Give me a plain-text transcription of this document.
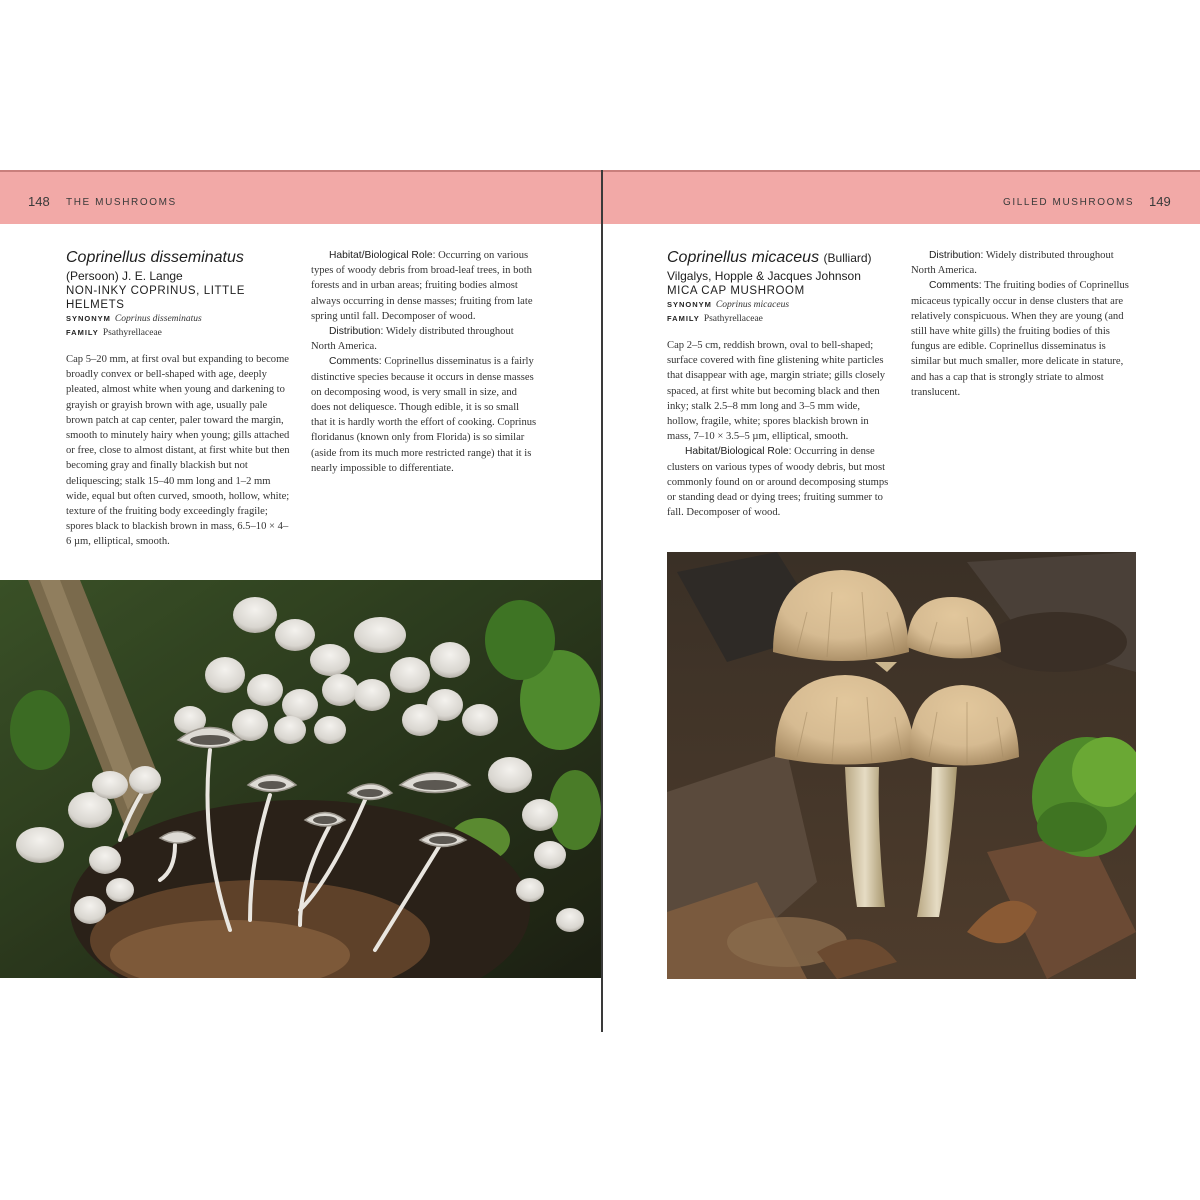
148 THE MUSHROOMS

Coprinellus disseminatus

(Persoon) J. E. Lange

NON-INKY COPRINUS, LITTLE HELMETS

SYNONYM Coprinus disseminatus

FAMILY Psathyrellaceae

Cap 5–20 mm, at first oval but expanding to become broadly convex or bell-shaped with age, deeply pleated, almost white when young and darkening to grayish or grayish brown with age, usually pale brown patch at cap center, paler toward the margin, smooth to minutely hairy when young; gills attached or free, close to almost distant, at first white but then becoming gray and finally blackish but not deliquescing; stalk 15–40 mm long and 1–2 mm wide, equal but often curved, smooth, hollow, white; texture of the fruiting body exceedingly fragile; spores black to blackish brown in mass, 6.5–10 × 4–6 µm, elliptical, smooth.

Habitat/Biological Role: Occurring on various types of woody debris from broad-leaf trees, in both forests and in urban areas; fruiting bodies almost always occurring in dense masses; fruiting from late spring until fall. Decomposer of wood.

Distribution: Widely distributed throughout North America.

Comments: Coprinellus disseminatus is a fairly distinctive species because it occurs in dense masses on decomposing wood, is very small in size, and does not deliquesce. Though edible, it is so small that it is hardly worth the effort of cooking. Coprinus floridanus (known only from Florida) is so similar (aside from its much more restricted range) that it is nearly impossible to differentiate.

GILLED MUSHROOMS 149

Coprinellus micaceus (Bulliard)

Vilgalys, Hopple & Jacques Johnson

MICA CAP MUSHROOM

SYNONYM Coprinus micaceus

FAMILY Psathyrellaceae

Cap 2–5 cm, reddish brown, oval to bell-shaped; surface covered with fine glistening white particles that disappear with age, margin striate; gills closely spaced, at first white but becoming black and then inky; stalk 2.5–8 mm long and 3–5 mm wide, hollow, fragile, white; spores blackish brown in mass, 7–10 × 3.5–5 µm, elliptical, smooth.

Habitat/Biological Role: Occurring in dense clusters on various types of woody debris, but most commonly found on or around decomposing stumps or standing dead or dying trees; fruiting summer to fall. Decomposer of wood.

Distribution: Widely distributed throughout North America.

Comments: The fruiting bodies of Coprinellus micaceus typically occur in dense clusters that are relatively conspicuous. When they are young (and still have white gills) the fruiting bodies of this fungus are edible. Coprinellus disseminatus is similar but much smaller, more delicate in stature, and has a cap that is strongly striate to almost translucent.
